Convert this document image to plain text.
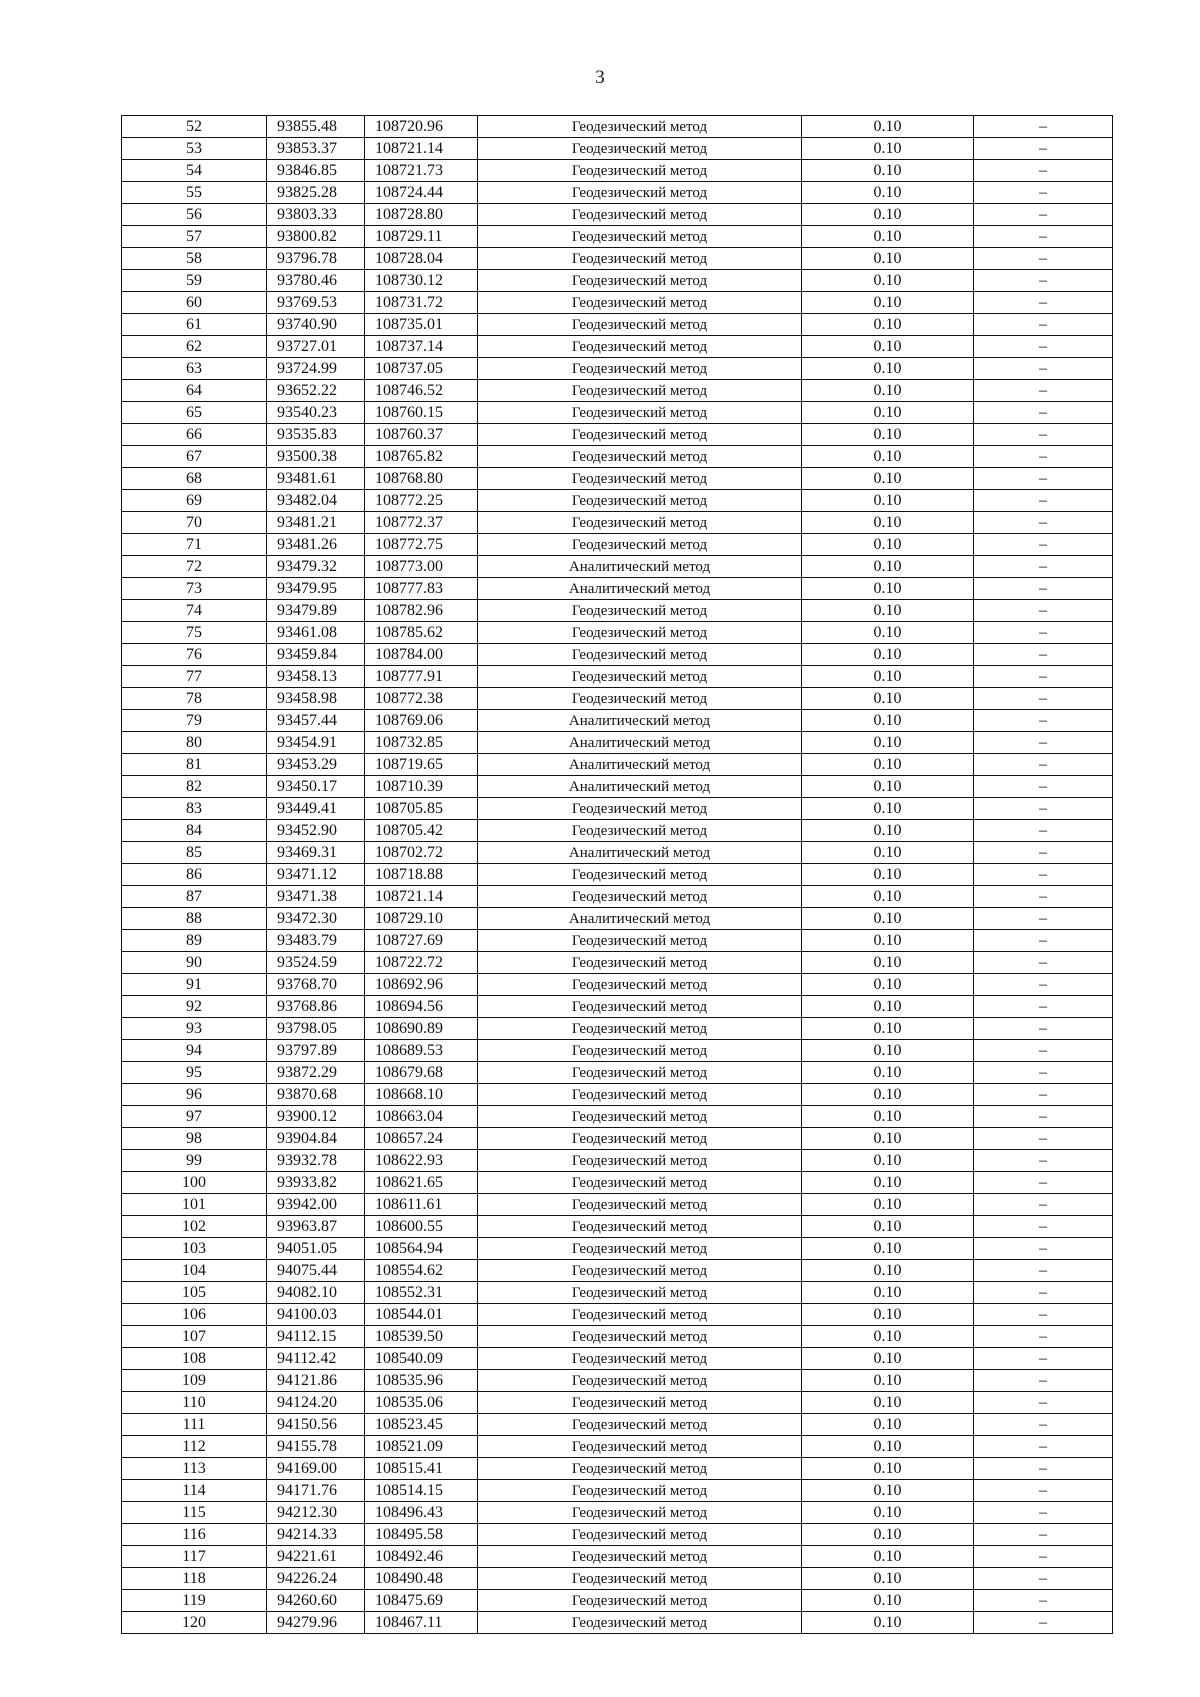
3
52	93855.48	108720.96	Геодезический метод	0.10	–
53	93853.37	108721.14	Геодезический метод	0.10	–
54	93846.85	108721.73	Геодезический метод	0.10	–
55	93825.28	108724.44	Геодезический метод	0.10	–
56	93803.33	108728.80	Геодезический метод	0.10	–
57	93800.82	108729.11	Геодезический метод	0.10	–
58	93796.78	108728.04	Геодезический метод	0.10	–
59	93780.46	108730.12	Геодезический метод	0.10	–
60	93769.53	108731.72	Геодезический метод	0.10	–
61	93740.90	108735.01	Геодезический метод	0.10	–
62	93727.01	108737.14	Геодезический метод	0.10	–
63	93724.99	108737.05	Геодезический метод	0.10	–
64	93652.22	108746.52	Геодезический метод	0.10	–
65	93540.23	108760.15	Геодезический метод	0.10	–
66	93535.83	108760.37	Геодезический метод	0.10	–
67	93500.38	108765.82	Геодезический метод	0.10	–
68	93481.61	108768.80	Геодезический метод	0.10	–
69	93482.04	108772.25	Геодезический метод	0.10	–
70	93481.21	108772.37	Геодезический метод	0.10	–
71	93481.26	108772.75	Геодезический метод	0.10	–
72	93479.32	108773.00	Аналитический метод	0.10	–
73	93479.95	108777.83	Аналитический метод	0.10	–
74	93479.89	108782.96	Геодезический метод	0.10	–
75	93461.08	108785.62	Геодезический метод	0.10	–
76	93459.84	108784.00	Геодезический метод	0.10	–
77	93458.13	108777.91	Геодезический метод	0.10	–
78	93458.98	108772.38	Геодезический метод	0.10	–
79	93457.44	108769.06	Аналитический метод	0.10	–
80	93454.91	108732.85	Аналитический метод	0.10	–
81	93453.29	108719.65	Аналитический метод	0.10	–
82	93450.17	108710.39	Аналитический метод	0.10	–
83	93449.41	108705.85	Геодезический метод	0.10	–
84	93452.90	108705.42	Геодезический метод	0.10	–
85	93469.31	108702.72	Аналитический метод	0.10	–
86	93471.12	108718.88	Геодезический метод	0.10	–
87	93471.38	108721.14	Геодезический метод	0.10	–
88	93472.30	108729.10	Аналитический метод	0.10	–
89	93483.79	108727.69	Геодезический метод	0.10	–
90	93524.59	108722.72	Геодезический метод	0.10	–
91	93768.70	108692.96	Геодезический метод	0.10	–
92	93768.86	108694.56	Геодезический метод	0.10	–
93	93798.05	108690.89	Геодезический метод	0.10	–
94	93797.89	108689.53	Геодезический метод	0.10	–
95	93872.29	108679.68	Геодезический метод	0.10	–
96	93870.68	108668.10	Геодезический метод	0.10	–
97	93900.12	108663.04	Геодезический метод	0.10	–
98	93904.84	108657.24	Геодезический метод	0.10	–
99	93932.78	108622.93	Геодезический метод	0.10	–
100	93933.82	108621.65	Геодезический метод	0.10	–
101	93942.00	108611.61	Геодезический метод	0.10	–
102	93963.87	108600.55	Геодезический метод	0.10	–
103	94051.05	108564.94	Геодезический метод	0.10	–
104	94075.44	108554.62	Геодезический метод	0.10	–
105	94082.10	108552.31	Геодезический метод	0.10	–
106	94100.03	108544.01	Геодезический метод	0.10	–
107	94112.15	108539.50	Геодезический метод	0.10	–
108	94112.42	108540.09	Геодезический метод	0.10	–
109	94121.86	108535.96	Геодезический метод	0.10	–
110	94124.20	108535.06	Геодезический метод	0.10	–
111	94150.56	108523.45	Геодезический метод	0.10	–
112	94155.78	108521.09	Геодезический метод	0.10	–
113	94169.00	108515.41	Геодезический метод	0.10	–
114	94171.76	108514.15	Геодезический метод	0.10	–
115	94212.30	108496.43	Геодезический метод	0.10	–
116	94214.33	108495.58	Геодезический метод	0.10	–
117	94221.61	108492.46	Геодезический метод	0.10	–
118	94226.24	108490.48	Геодезический метод	0.10	–
119	94260.60	108475.69	Геодезический метод	0.10	–
120	94279.96	108467.11	Геодезический метод	0.10	–
